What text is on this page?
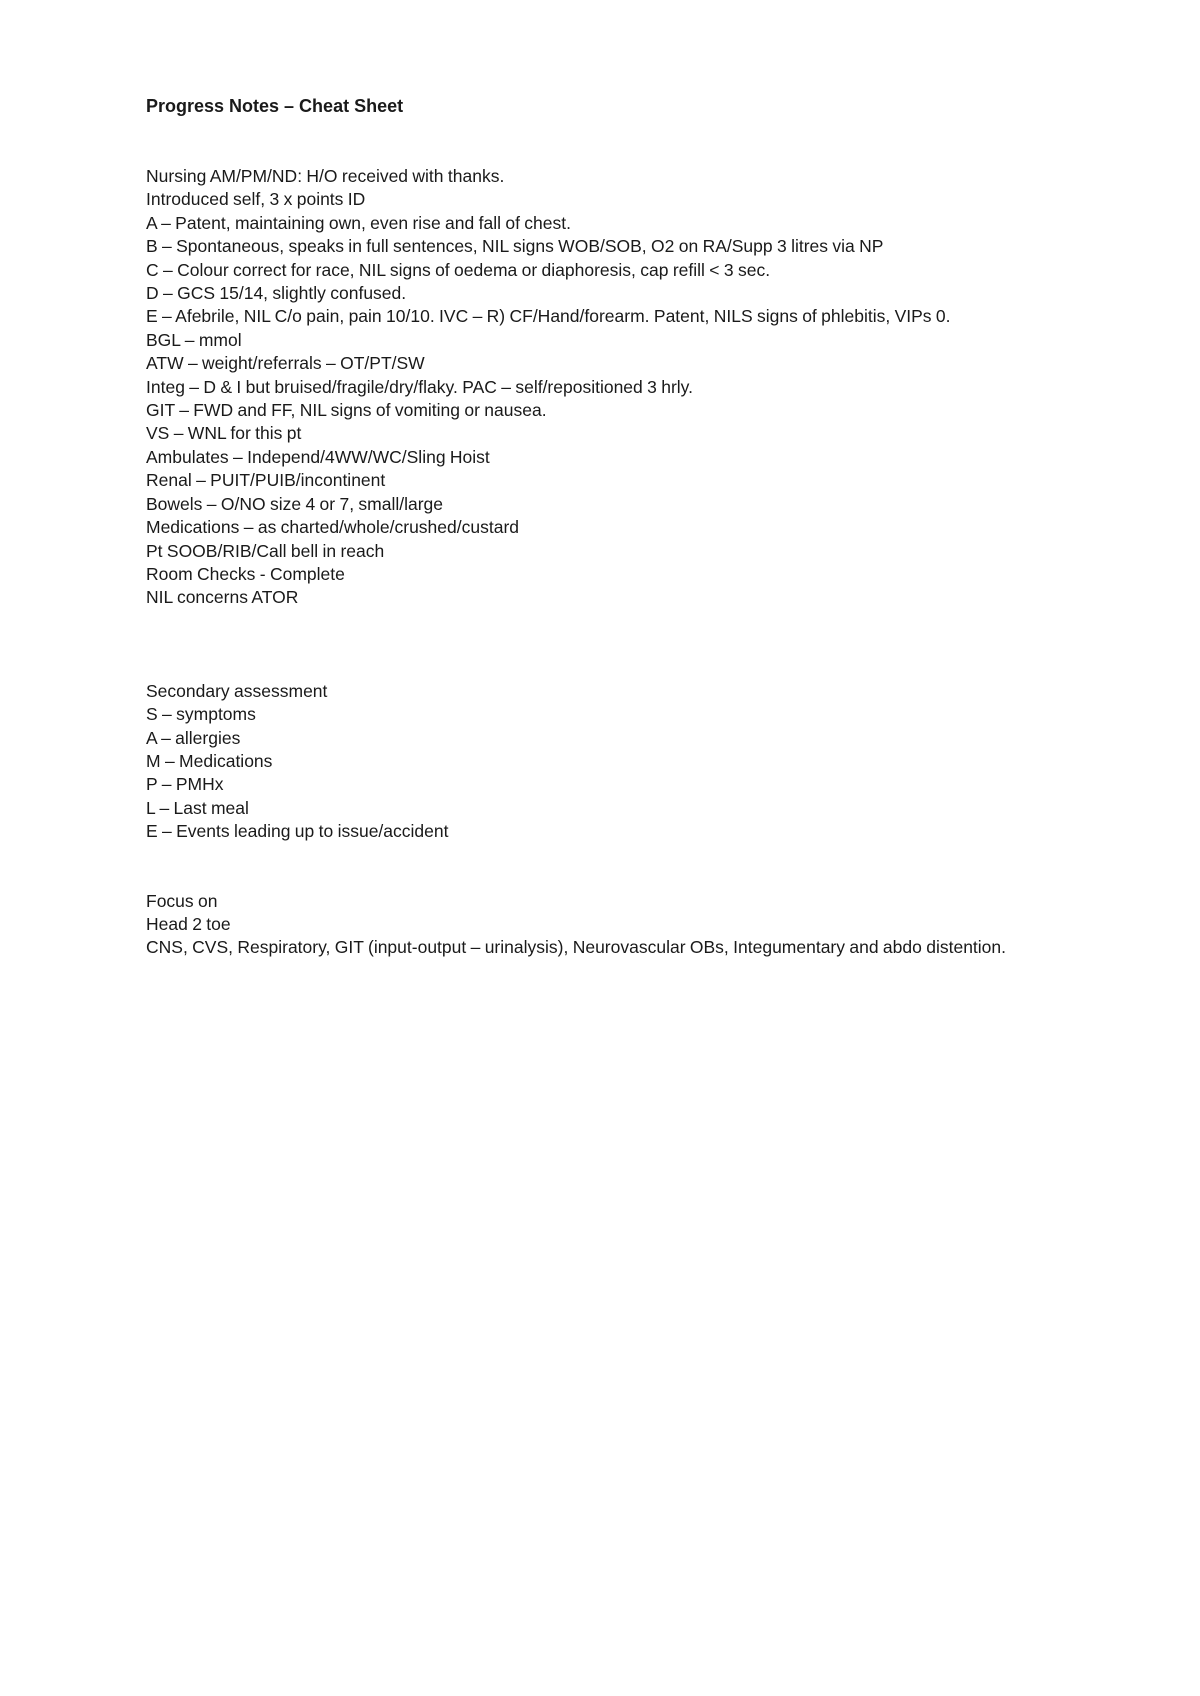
Progress Notes – Cheat Sheet
Nursing AM/PM/ND: H/O received with thanks.
Introduced self, 3 x points ID
A – Patent, maintaining own, even rise and fall of chest.
B – Spontaneous, speaks in full sentences, NIL signs WOB/SOB, O2 on RA/Supp 3 litres via NP
C – Colour correct for race, NIL signs of oedema or diaphoresis, cap refill < 3 sec.
D – GCS 15/14, slightly confused.
E – Afebrile, NIL C/o pain, pain 10/10. IVC – R) CF/Hand/forearm. Patent, NILS signs of phlebitis, VIPs 0.
BGL – mmol
ATW – weight/referrals – OT/PT/SW
Integ – D & I but bruised/fragile/dry/flaky. PAC – self/repositioned 3 hrly.
GIT – FWD and FF, NIL signs of vomiting or nausea.
VS – WNL for this pt
Ambulates – Independ/4WW/WC/Sling Hoist
Renal – PUIT/PUIB/incontinent
Bowels – O/NO size 4 or 7, small/large
Medications – as charted/whole/crushed/custard
Pt SOOB/RIB/Call bell in reach
Room Checks - Complete
NIL concerns ATOR
Secondary assessment
S – symptoms
A – allergies
M – Medications
P – PMHx
L – Last meal
E – Events leading up to issue/accident
Focus on
Head 2 toe
CNS, CVS, Respiratory, GIT (input-output – urinalysis), Neurovascular OBs, Integumentary and abdo distention.
